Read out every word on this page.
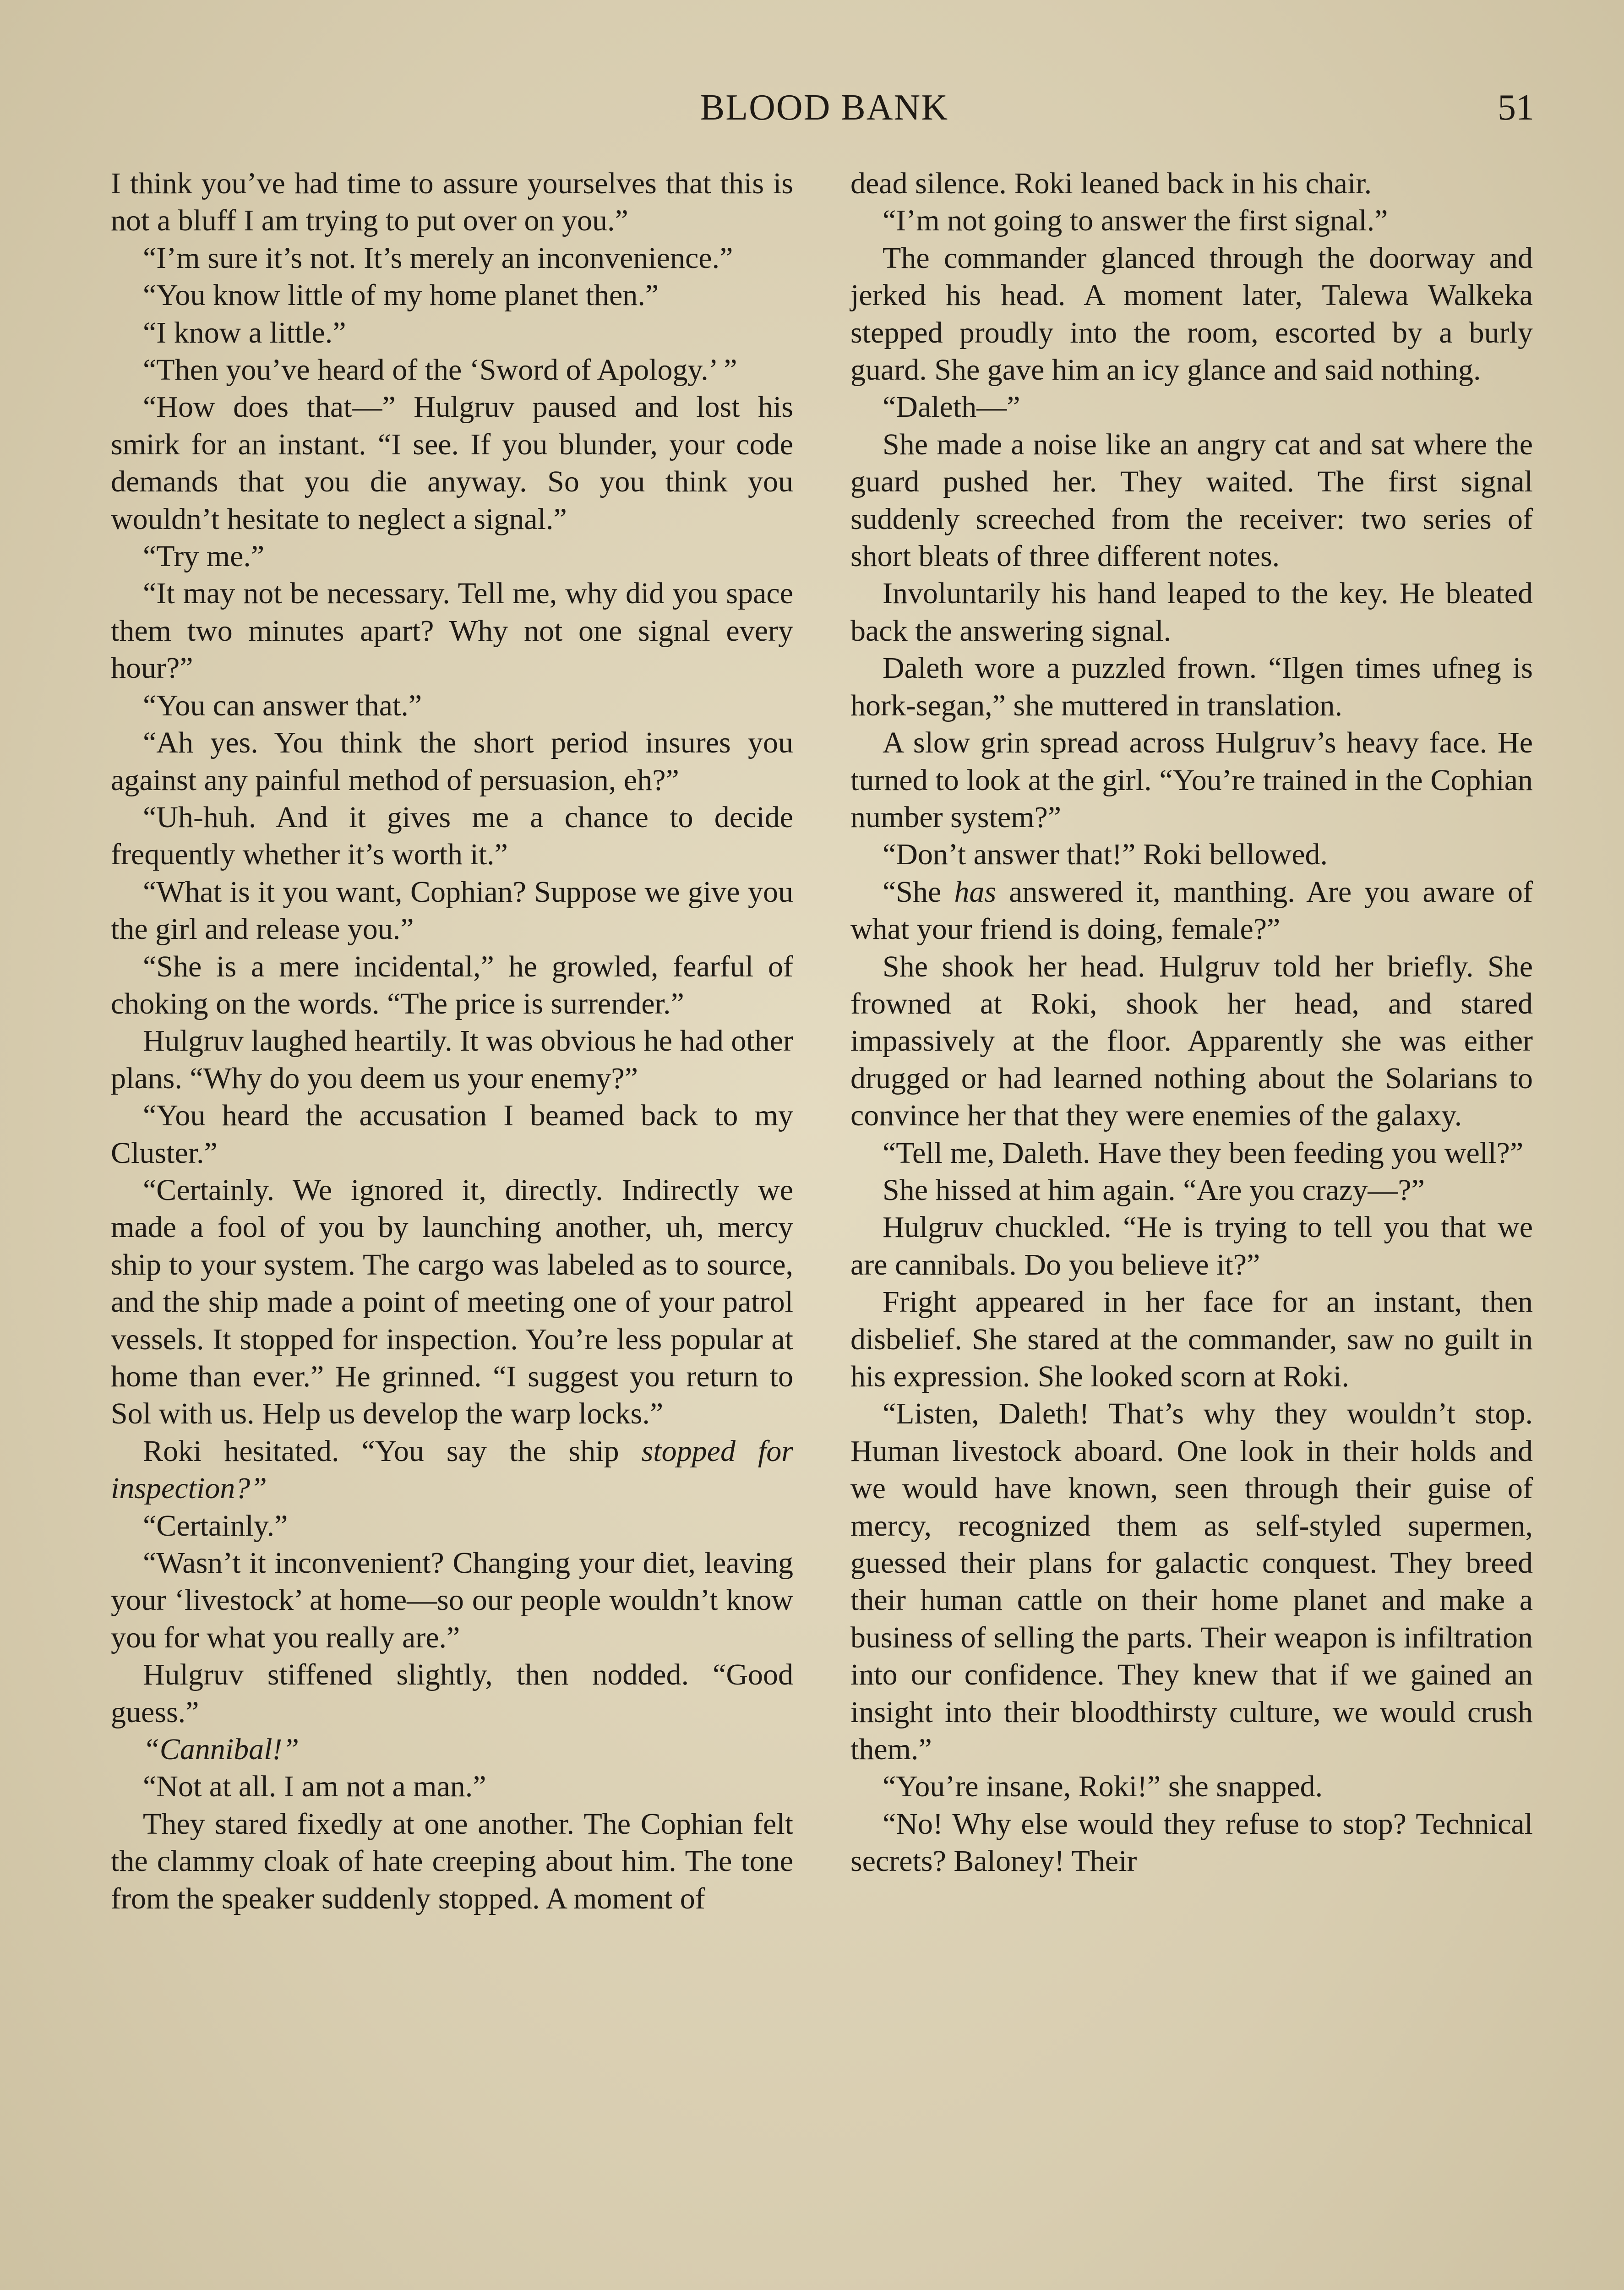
BLOOD BANK	51

I think you’ve had time to assure yourselves that this is not a bluff I am trying to put over on you.”

“I’m sure it’s not. It’s merely an inconvenience.”

“You know little of my home planet then.”

“I know a little.”

“Then you’ve heard of the ‘Sword of Apology.’ ”

“How does that—” Hulgruv paused and lost his smirk for an instant. “I see. If you blunder, your code demands that you die anyway. So you think you wouldn’t hesitate to neglect a signal.”

“Try me.”

“It may not be necessary. Tell me, why did you space them two minutes apart? Why not one signal every hour?”

“You can answer that.”

“Ah yes. You think the short period insures you against any painful method of persuasion, eh?”

“Uh-huh. And it gives me a chance to decide frequently whether it’s worth it.”

“What is it you want, Cophian? Suppose we give you the girl and release you.”

“She is a mere incidental,” he growled, fearful of choking on the words. “The price is surrender.”

Hulgruv laughed heartily. It was obvious he had other plans. “Why do you deem us your enemy?”

“You heard the accusation I beamed back to my Cluster.”

“Certainly. We ignored it, directly. Indirectly we made a fool of you by launching another, uh, mercy ship to your system. The cargo was labeled as to source, and the ship made a point of meeting one of your patrol vessels. It stopped for inspection. You’re less popular at home than ever.” He grinned. “I suggest you return to Sol with us. Help us develop the warp locks.”

Roki hesitated. “You say the ship stopped for inspection?”

“Certainly.”

“Wasn’t it inconvenient? Changing your diet, leaving your ‘livestock’ at home—so our people wouldn’t know you for what you really are.”

Hulgruv stiffened slightly, then nodded. “Good guess.”

“Cannibal!”

“Not at all. I am not a man.”

They stared fixedly at one another. The Cophian felt the clammy cloak of hate creeping about him. The tone from the speaker suddenly stopped. A moment of

dead silence. Roki leaned back in his chair.

“I’m not going to answer the first signal.”

The commander glanced through the doorway and jerked his head. A moment later, Talewa Walkeka stepped proudly into the room, escorted by a burly guard. She gave him an icy glance and said nothing.

“Daleth—”

She made a noise like an angry cat and sat where the guard pushed her. They waited. The first signal suddenly screeched from the receiver: two series of short bleats of three different notes.

Involuntarily his hand leaped to the key. He bleated back the answering signal.

Daleth wore a puzzled frown. “Ilgen times ufneg is hork-segan,” she muttered in translation.

A slow grin spread across Hulgruv’s heavy face. He turned to look at the girl. “You’re trained in the Cophian number system?”

“Don’t answer that!” Roki bellowed.

“She has answered it, manthing. Are you aware of what your friend is doing, female?”

She shook her head. Hulgruv told her briefly. She frowned at Roki, shook her head, and stared impassively at the floor. Apparently she was either drugged or had learned nothing about the Solarians to convince her that they were enemies of the galaxy.

“Tell me, Daleth. Have they been feeding you well?”

She hissed at him again. “Are you crazy—?”

Hulgruv chuckled. “He is trying to tell you that we are cannibals. Do you believe it?”

Fright appeared in her face for an instant, then disbelief. She stared at the commander, saw no guilt in his expression. She looked scorn at Roki.

“Listen, Daleth! That’s why they wouldn’t stop. Human livestock aboard. One look in their holds and we would have known, seen through their guise of mercy, recognized them as self-styled supermen, guessed their plans for galactic conquest. They breed their human cattle on their home planet and make a business of selling the parts. Their weapon is infiltration into our confidence. They knew that if we gained an insight into their bloodthirsty culture, we would crush them.”

“You’re insane, Roki!” she snapped.

“No! Why else would they refuse to stop? Technical secrets? Baloney! Their
